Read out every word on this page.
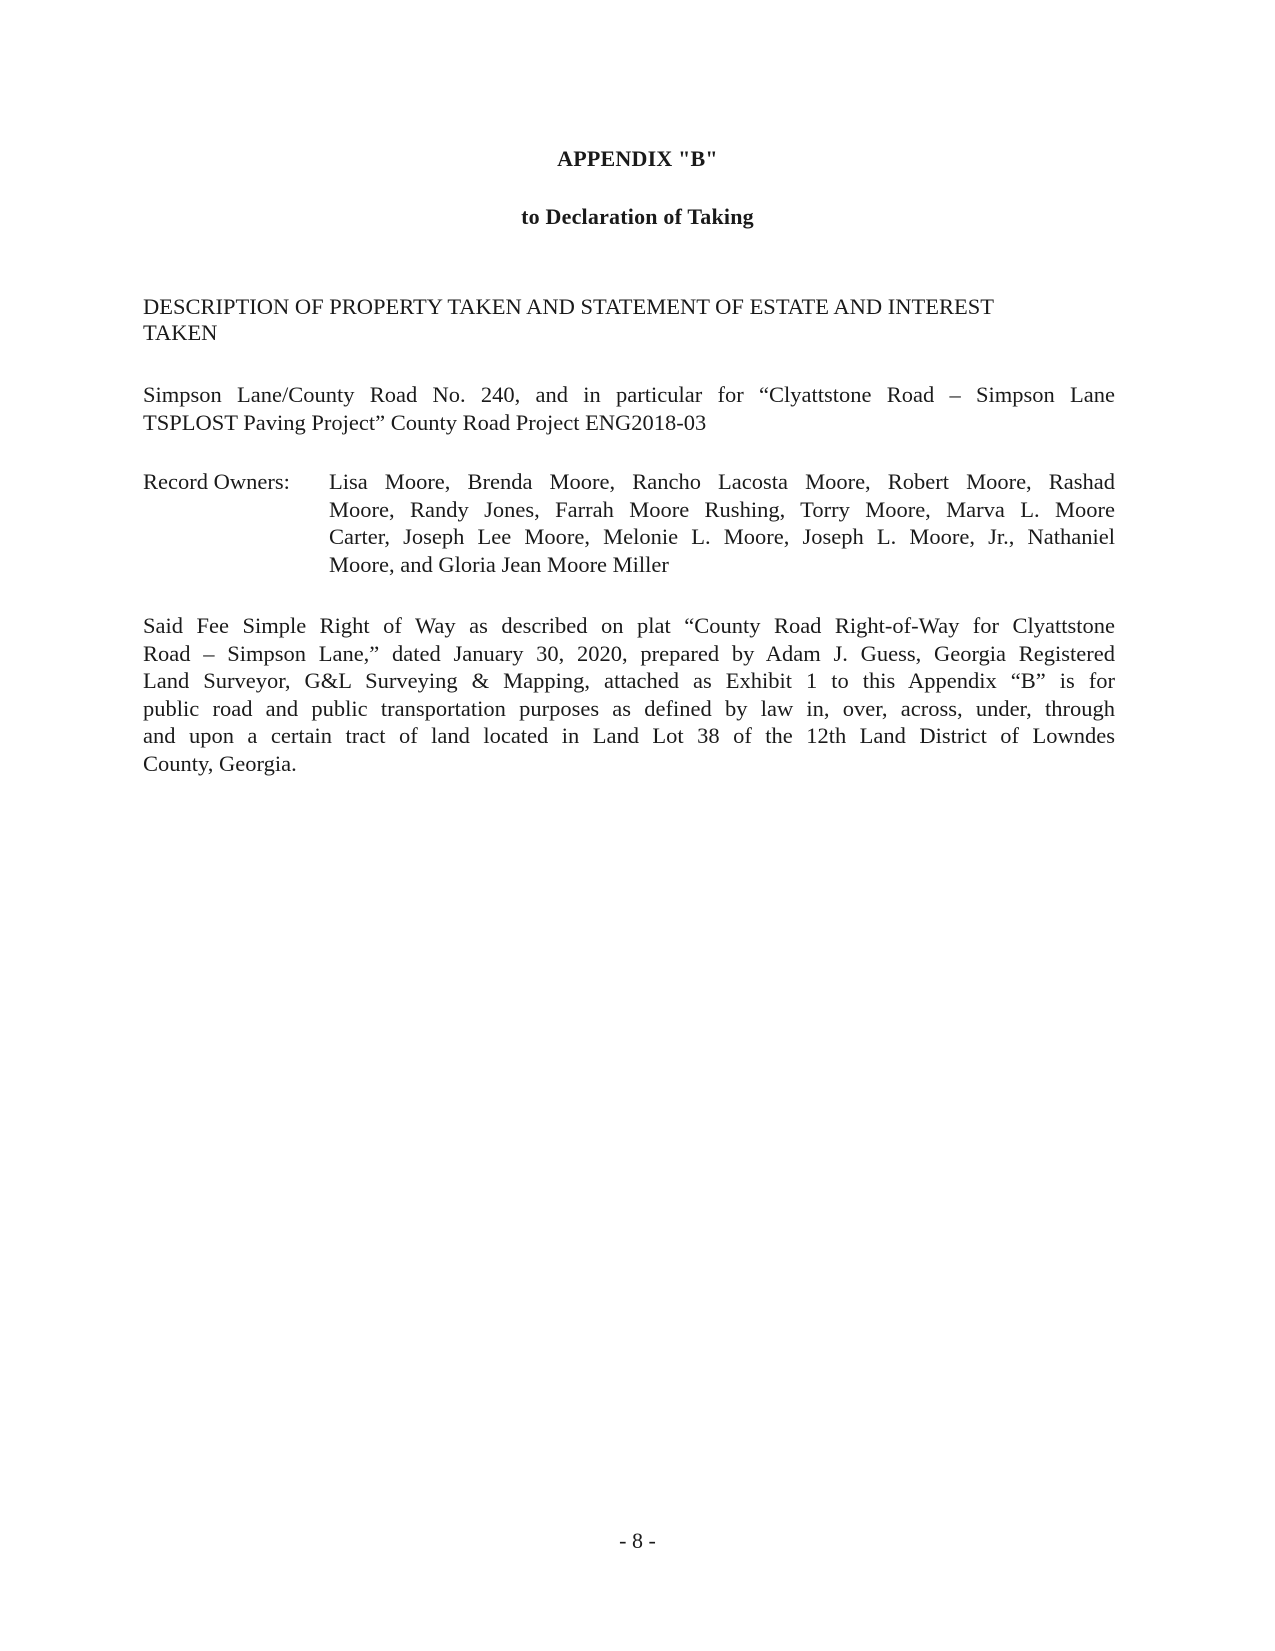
APPENDIX "B"
to Declaration of Taking
DESCRIPTION OF PROPERTY TAKEN AND STATEMENT OF ESTATE AND INTEREST
TAKEN
Simpson Lane/County Road No. 240, and in particular for “Clyattstone Road – Simpson Lane
TSPLOST Paving Project” County Road Project ENG2018-03
Record Owners:	Lisa Moore, Brenda Moore, Rancho Lacosta Moore, Robert Moore, Rashad
Moore, Randy Jones, Farrah Moore Rushing, Torry Moore, Marva L. Moore
Carter, Joseph Lee Moore, Melonie L. Moore, Joseph L. Moore, Jr., Nathaniel
Moore, and Gloria Jean Moore Miller
Said Fee Simple Right of Way as described on plat “County Road Right-of-Way for Clyattstone
Road – Simpson Lane,” dated January 30, 2020, prepared by Adam J. Guess, Georgia Registered
Land Surveyor, G&L Surveying & Mapping, attached as Exhibit 1 to this Appendix “B” is for
public road and public transportation purposes as defined by law in, over, across, under, through
and upon a certain tract of land located in Land Lot 38 of the 12th Land District of Lowndes
County, Georgia.
- 8 -
